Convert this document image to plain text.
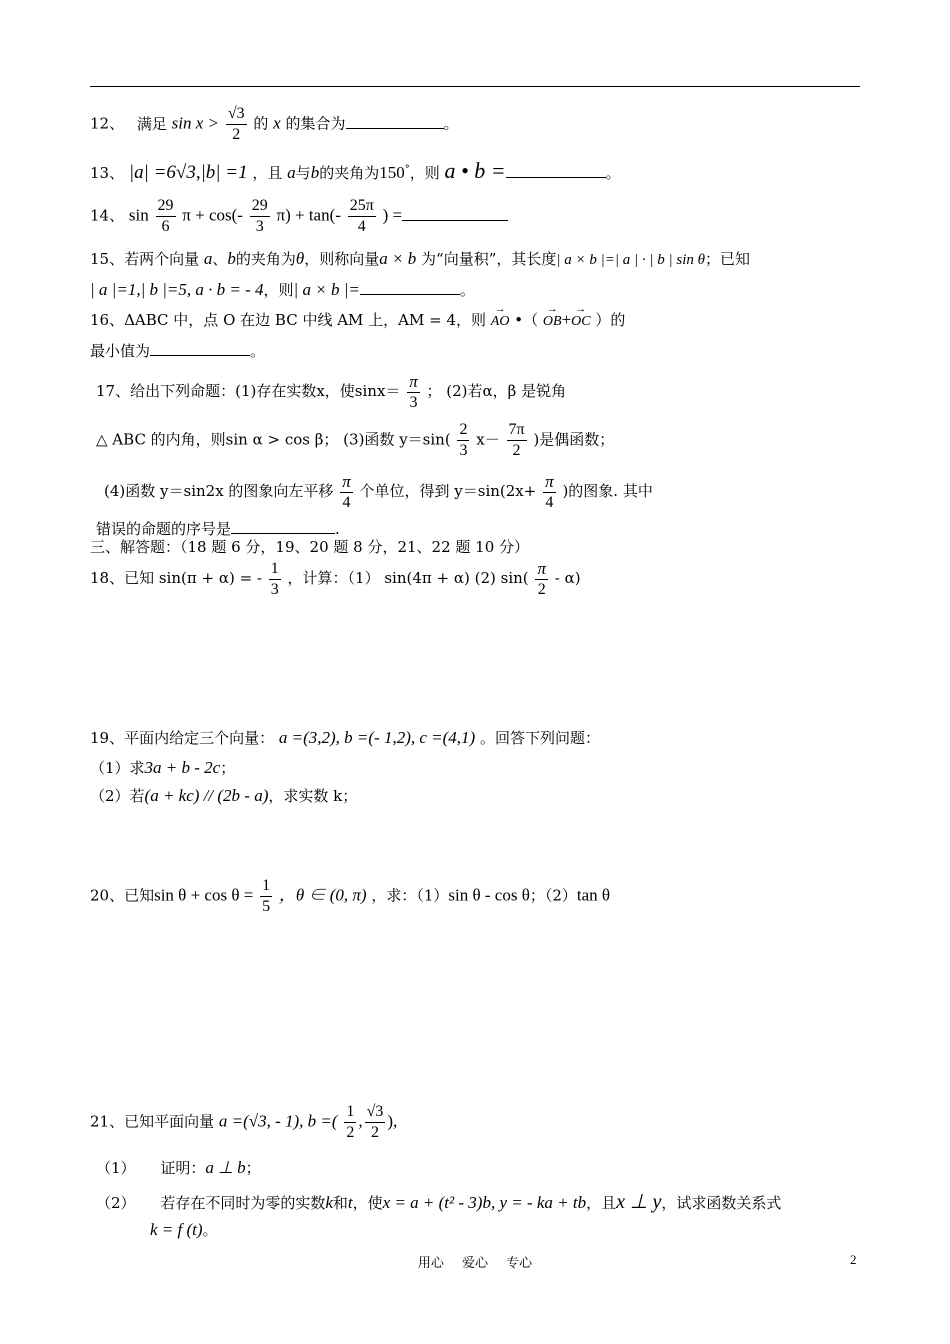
12、 满足 $\sin x > \frac{√3}{2}$ 的 x 的集合为	。
13、 |a| =6√3,|b| =1 ，且 a与b的夹角为150°，则 a • b =	。
14、 $\sin \frac{29}{6}$ $\pi + \cos(- \frac{29}{3} \pi) + \tan(- \frac{25\pi}{4}$ ) =
15、若两个向量 a、b的夹角为θ，则称向量a × b 为“向量积”，其长度| a × b |=| a | · | b | sin θ；已知
| a |=1,| b |=5, a · b = - 4，则| a × b |=	。
16、ΔABC 中，点 O 在边 BC 中线 AM 上，AM = 4，则 → AO •（ → OB+→ OC ）的
最小值为	。
17、给出下列命题：(1)存在实数x，使$\sin x= \frac{\pi}{3}$ ； (2)若α，β 是锐角
△ ABC 的内角，则sin α > cos β； (3)函数 $y=\sin( \frac{2}{3} x- \frac{7\pi}{2}$ )是偶函数；
(4)函数 y＝sin2x 的图象向左平移 $\frac{\pi}{4}$ 个单位，得到 $y=\sin(2x+ \frac{\pi}{4}$ )的图象. 其中
错误的命题的序号是	.
三、解答题：（18 题 6 分，19、20 题 8 分，21、22 题 10 分）
18、已知 sin(π + α) = - $\frac{1}{3}$ ，计算：（1） sin(4π + α) (2) $\sin( \frac{\pi}{2} - \alpha)$
19、平面内给定三个向量： a =(3,2), b =(- 1,2), c =(4,1) 。回答下列问题：
（1）求3a + b - 2c；
（2）若(a + kc) // (2b - a)，求实数 k；
20、已知$\sin \theta + \cos \theta = \frac{1}{5}$ ，θ ∈ (0, π) ，求：（1）sin θ - cos θ；（2）tan θ
21、已知平面向量 a =(√3, - 1), b =( $\frac{1}{2}$ , $\frac{√3}{2}$ ),
（1） 证明：a ⊥ b；
（2） 若存在不同时为零的实数k和t，使x = a + (t² - 3)b, y = - ka + tb，且x ⊥ y，试求函数关系式
k = f (t)。
用心 爱心 专心	2
